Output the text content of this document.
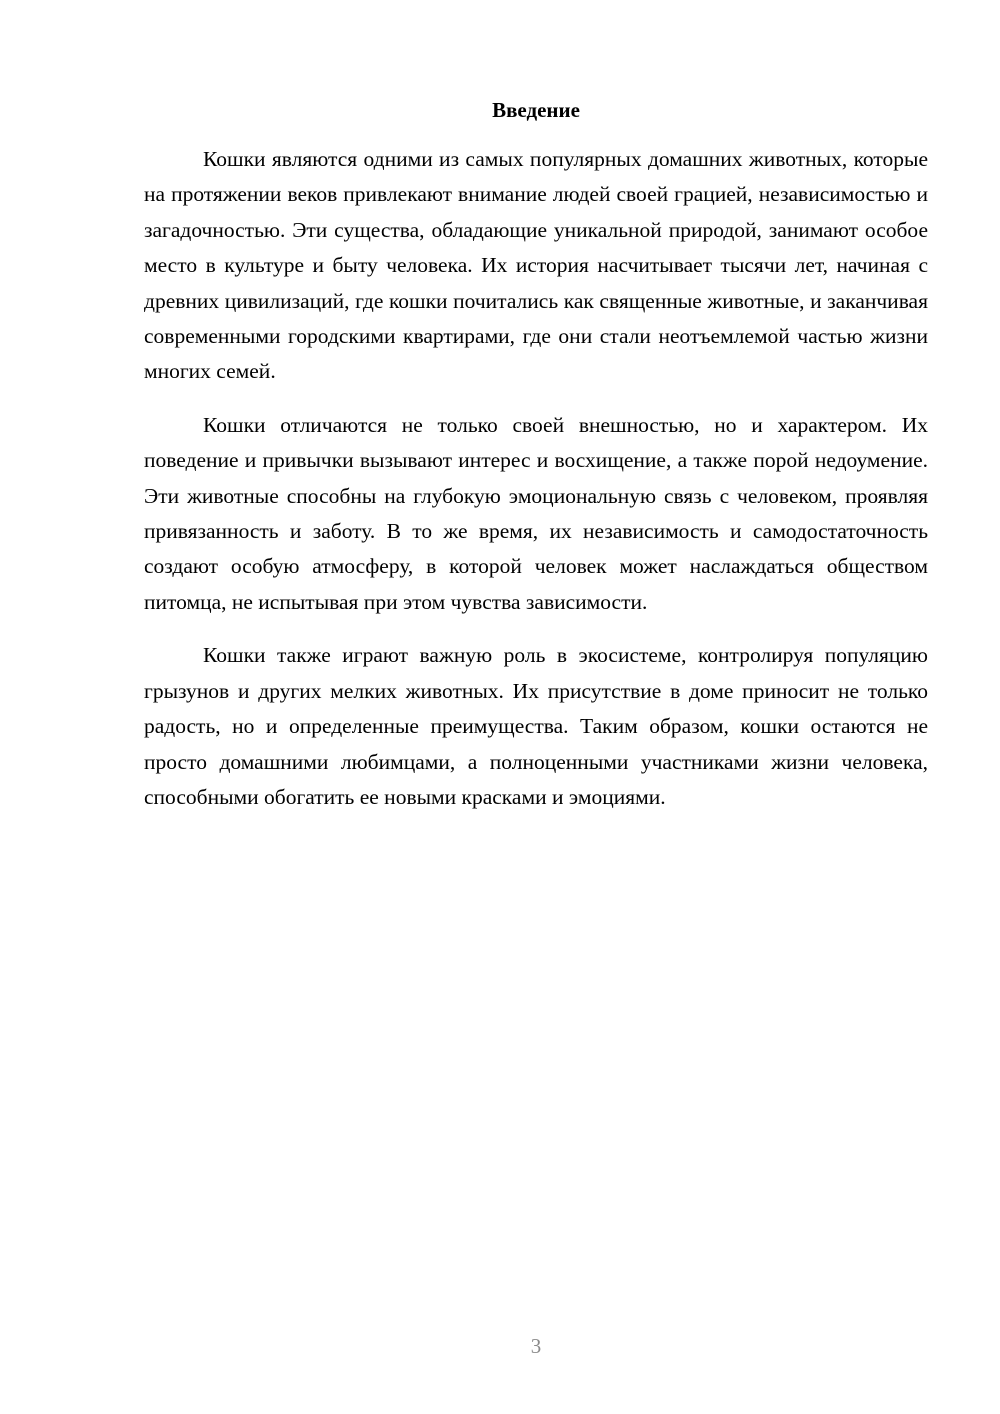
Введение

Кошки являются одними из самых популярных домашних животных, которые на протяжении веков привлекают внимание людей своей грацией, независимостью и загадочностью. Эти существа, обладающие уникальной природой, занимают особое место в культуре и быту человека. Их история насчитывает тысячи лет, начиная с древних цивилизаций, где кошки почитались как священные животные, и заканчивая современными городскими квартирами, где они стали неотъемлемой частью жизни многих семей.

Кошки отличаются не только своей внешностью, но и характером. Их поведение и привычки вызывают интерес и восхищение, а также порой недоумение. Эти животные способны на глубокую эмоциональную связь с человеком, проявляя привязанность и заботу. В то же время, их независимость и самодостаточность создают особую атмосферу, в которой человек может наслаждаться обществом питомца, не испытывая при этом чувства зависимости.

Кошки также играют важную роль в экосистеме, контролируя популяцию грызунов и других мелких животных. Их присутствие в доме приносит не только радость, но и определенные преимущества. Таким образом, кошки остаются не просто домашними любимцами, а полноценными участниками жизни человека, способными обогатить ее новыми красками и эмоциями.

3
